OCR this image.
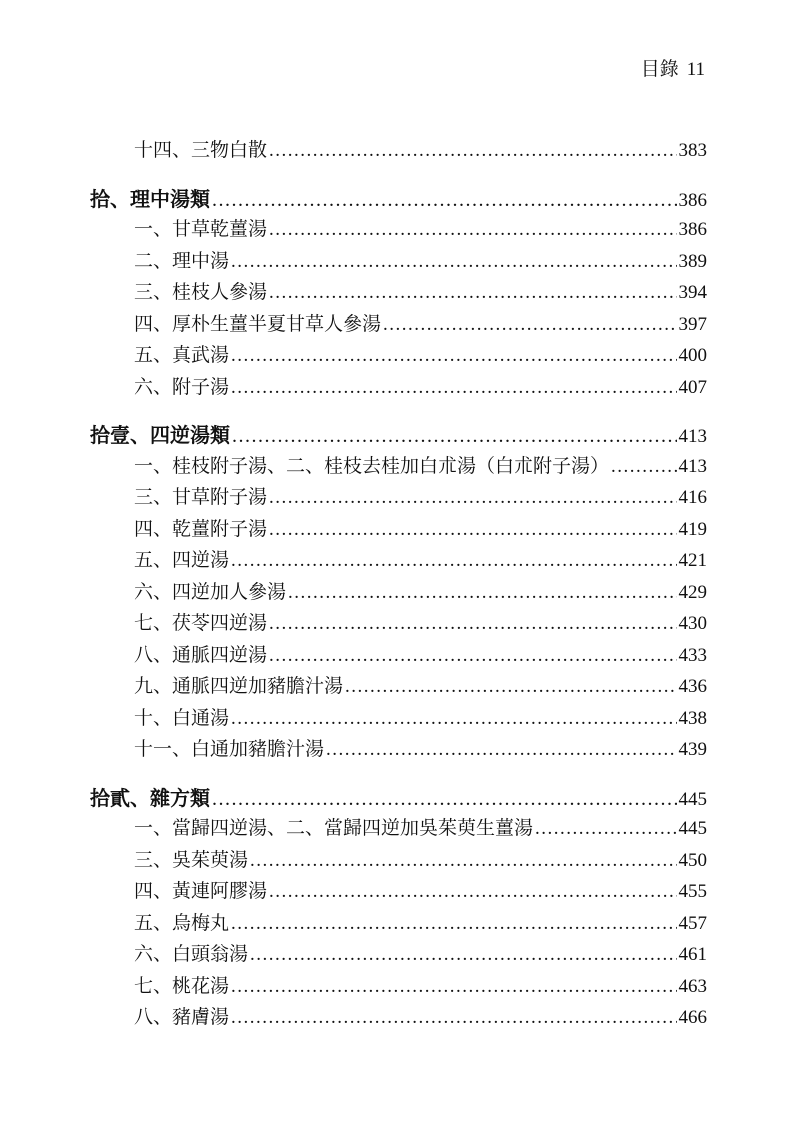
目錄 11
十四、三物白散 .....	383
拾、理中湯類 .....	386
一、甘草乾薑湯 .....	386
二、理中湯 .....	389
三、桂枝人參湯 .....	394
四、厚朴生薑半夏甘草人參湯 .....	397
五、真武湯 .....	400
六、附子湯 .....	407
拾壹、四逆湯類 .....	413
一、桂枝附子湯、二、桂枝去桂加白朮湯（白朮附子湯） .....	413
三、甘草附子湯 .....	416
四、乾薑附子湯 .....	419
五、四逆湯 .....	421
六、四逆加人參湯 .....	429
七、茯苓四逆湯 .....	430
八、通脈四逆湯 .....	433
九、通脈四逆加豬膽汁湯 .....	436
十、白通湯 .....	438
十一、白通加豬膽汁湯 .....	439
拾貳、雜方類 .....	445
一、當歸四逆湯、二、當歸四逆加吳茱萸生薑湯 .....	445
三、吳茱萸湯 .....	450
四、黃連阿膠湯 .....	455
五、烏梅丸 .....	457
六、白頭翁湯 .....	461
七、桃花湯 .....	463
八、豬膚湯 .....	466
